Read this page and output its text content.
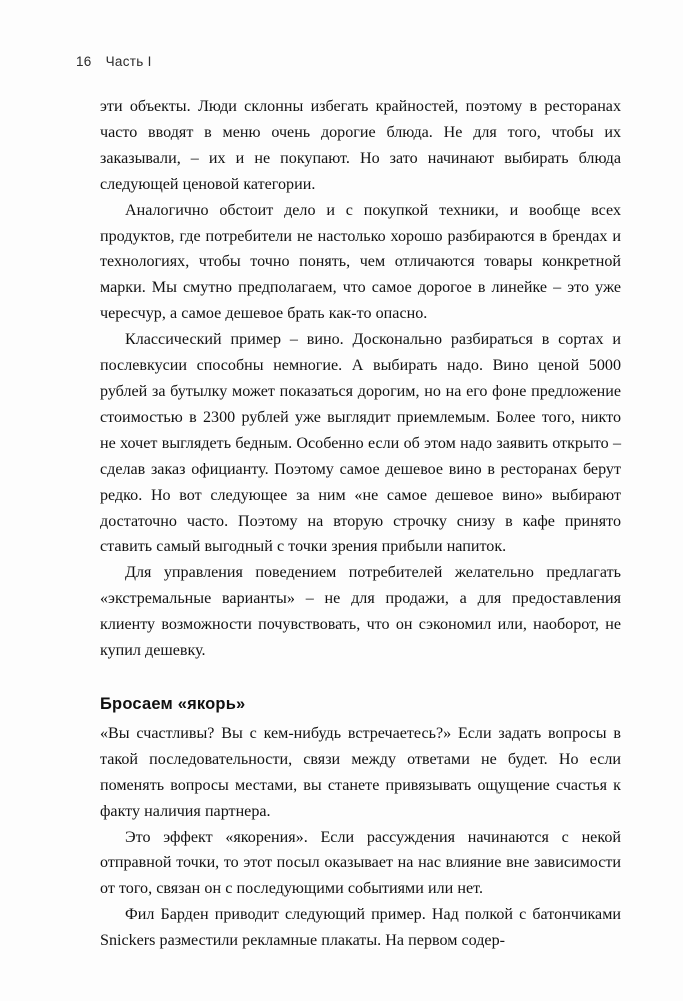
16 Часть I

эти объекты. Люди склонны избегать крайностей, поэтому в ресторанах часто вводят в меню очень дорогие блюда. Не для того, чтобы их заказывали, – их и не покупают. Но зато начинают выбирать блюда следующей ценовой категории.

Аналогично обстоит дело и с покупкой техники, и вообще всех продуктов, где потребители не настолько хорошо разбираются в брендах и технологиях, чтобы точно понять, чем отличаются товары конкретной марки. Мы смутно предполагаем, что самое дорогое в линейке – это уже чересчур, а самое дешевое брать как-то опасно.

Классический пример – вино. Досконально разбираться в сортах и послевкусии способны немногие. А выбирать надо. Вино ценой 5000 рублей за бутылку может показаться дорогим, но на его фоне предложение стоимостью в 2300 рублей уже выглядит приемлемым. Более того, никто не хочет выглядеть бедным. Особенно если об этом надо заявить открыто – сделав заказ официанту. Поэтому самое дешевое вино в ресторанах берут редко. Но вот следующее за ним «не самое дешевое вино» выбирают достаточно часто. Поэтому на вторую строчку снизу в кафе принято ставить самый выгодный с точки зрения прибыли напиток.

Для управления поведением потребителей желательно предлагать «экстремальные варианты» – не для продажи, а для предоставления клиенту возможности почувствовать, что он сэкономил или, наоборот, не купил дешевку.

Бросаем «якорь»

«Вы счастливы? Вы с кем-нибудь встречаетесь?» Если задать вопросы в такой последовательности, связи между ответами не будет. Но если поменять вопросы местами, вы станете привязывать ощущение счастья к факту наличия партнера.

Это эффект «якорения». Если рассуждения начинаются с некой отправной точки, то этот посыл оказывает на нас влияние вне зависимости от того, связан он с последующими событиями или нет.

Фил Барден приводит следующий пример. Над полкой с батончиками Snickers разместили рекламные плакаты. На первом содер-
